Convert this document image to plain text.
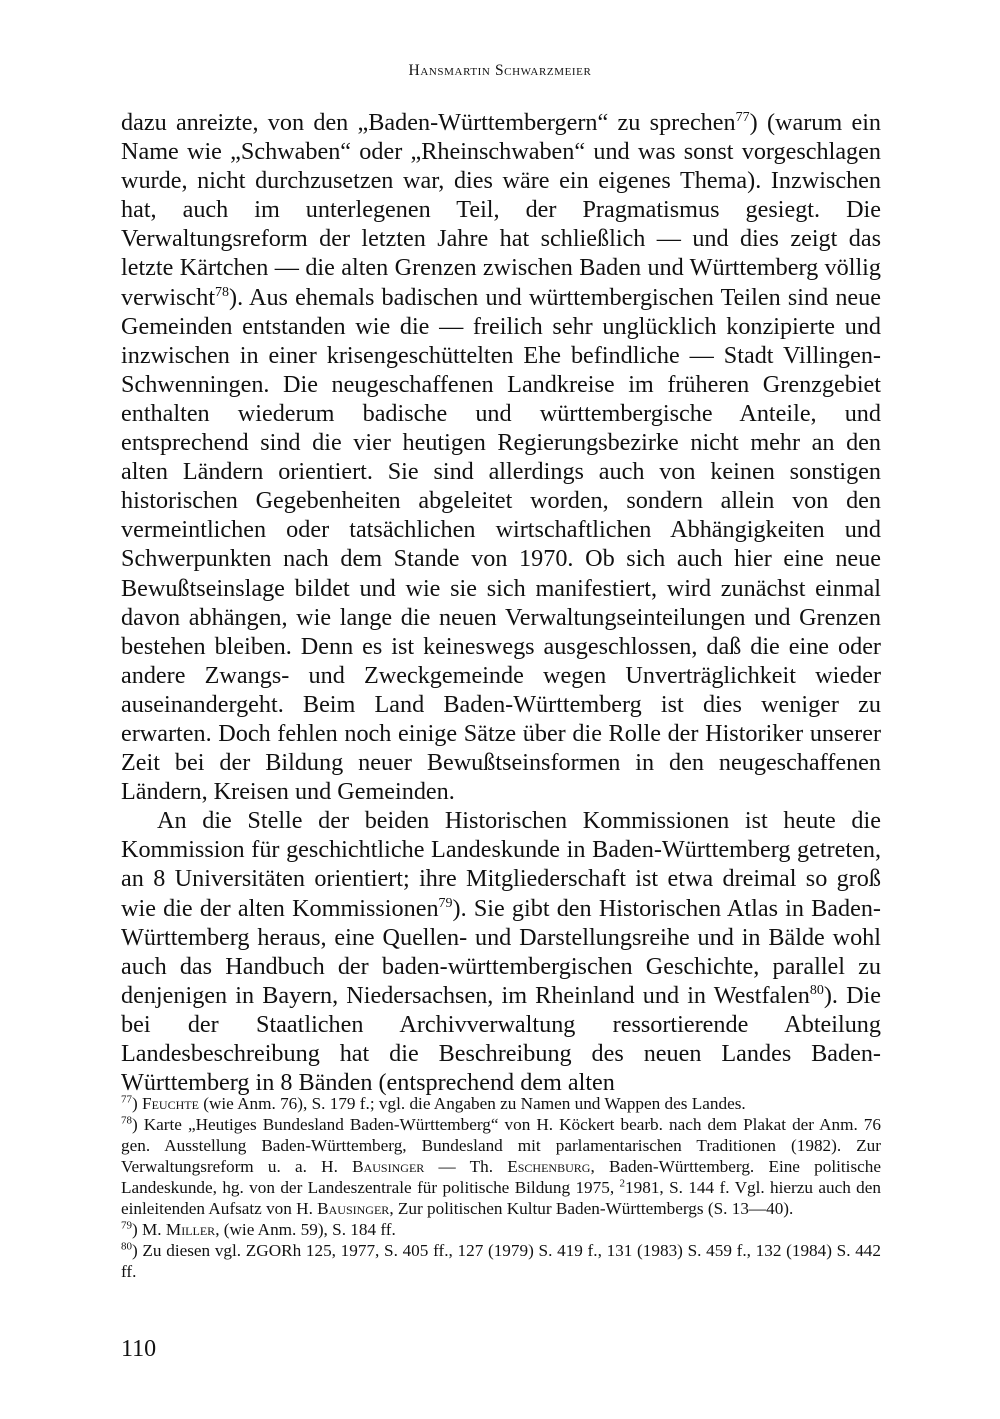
Hansmartin Schwarzmeier

dazu anreizte, von den „Baden-Württembergern“ zu sprechen$^{77}$) (warum ein Name wie „Schwaben“ oder „Rheinschwaben“ und was sonst vorgeschlagen wurde, nicht durchzusetzen war, dies wäre ein eigenes Thema). Inzwischen hat, auch im unterlegenen Teil, der Pragmatismus gesiegt. Die Verwaltungsreform der letzten Jahre hat schließlich — und dies zeigt das letzte Kärtchen — die alten Grenzen zwischen Baden und Württemberg völlig verwischt$^{78}$). Aus ehemals badischen und württembergischen Teilen sind neue Gemeinden entstanden wie die — freilich sehr unglücklich konzipierte und inzwischen in einer krisengeschüttelten Ehe befindliche — Stadt Villingen-Schwenningen. Die neugeschaffenen Landkreise im früheren Grenzgebiet enthalten wiederum badische und württembergische Anteile, und entsprechend sind die vier heutigen Regierungsbezirke nicht mehr an den alten Ländern orientiert. Sie sind allerdings auch von keinen sonstigen historischen Gegebenheiten abgeleitet worden, sondern allein von den vermeintlichen oder tatsächlichen wirtschaftlichen Abhängigkeiten und Schwerpunkten nach dem Stande von 1970. Ob sich auch hier eine neue Bewußtseinslage bildet und wie sie sich manifestiert, wird zunächst einmal davon abhängen, wie lange die neuen Verwaltungseinteilungen und Grenzen bestehen bleiben. Denn es ist keineswegs ausgeschlossen, daß die eine oder andere Zwangs- und Zweckgemeinde wegen Unverträglichkeit wieder auseinandergeht. Beim Land Baden-Württemberg ist dies weniger zu erwarten. Doch fehlen noch einige Sätze über die Rolle der Historiker unserer Zeit bei der Bildung neuer Bewußtseinsformen in den neugeschaffenen Ländern, Kreisen und Gemeinden.

An die Stelle der beiden Historischen Kommissionen ist heute die Kommission für geschichtliche Landeskunde in Baden-Württemberg getreten, an 8 Universitäten orientiert; ihre Mitgliederschaft ist etwa dreimal so groß wie die der alten Kommissionen$^{79}$). Sie gibt den Historischen Atlas in Baden-Württemberg heraus, eine Quellen- und Darstellungsreihe und in Bälde wohl auch das Handbuch der baden-württembergischen Geschichte, parallel zu denjenigen in Bayern, Niedersachsen, im Rheinland und in Westfalen$^{80}$). Die bei der Staatlichen Archivverwaltung ressortierende Abteilung Landesbeschreibung hat die Beschreibung des neuen Landes Baden-Württemberg in 8 Bänden (entsprechend dem alten

$^{77}$) Feuchte (wie Anm. 76), S. 179 f.; vgl. die Angaben zu Namen und Wappen des Landes.

$^{78}$) Karte „Heutiges Bundesland Baden-Württemberg“ von H. Köckert bearb. nach dem Plakat der Anm. 76 gen. Ausstellung Baden-Württemberg, Bundesland mit parlamentarischen Traditionen (1982). Zur Verwaltungsreform u. a. H. Bausinger — Th. Eschenburg, Baden-Württemberg. Eine politische Landeskunde, hg. von der Landeszentrale für politische Bildung 1975, $^2$1981, S. 144 f. Vgl. hierzu auch den einleitenden Aufsatz von H. Bausinger, Zur politischen Kultur Baden-Württembergs (S. 13—40).

$^{79}$) M. Miller, (wie Anm. 59), S. 184 ff.

$^{80}$) Zu diesen vgl. ZGORh 125, 1977, S. 405 ff., 127 (1979) S. 419 f., 131 (1983) S. 459 f., 132 (1984) S. 442 ff.

110
